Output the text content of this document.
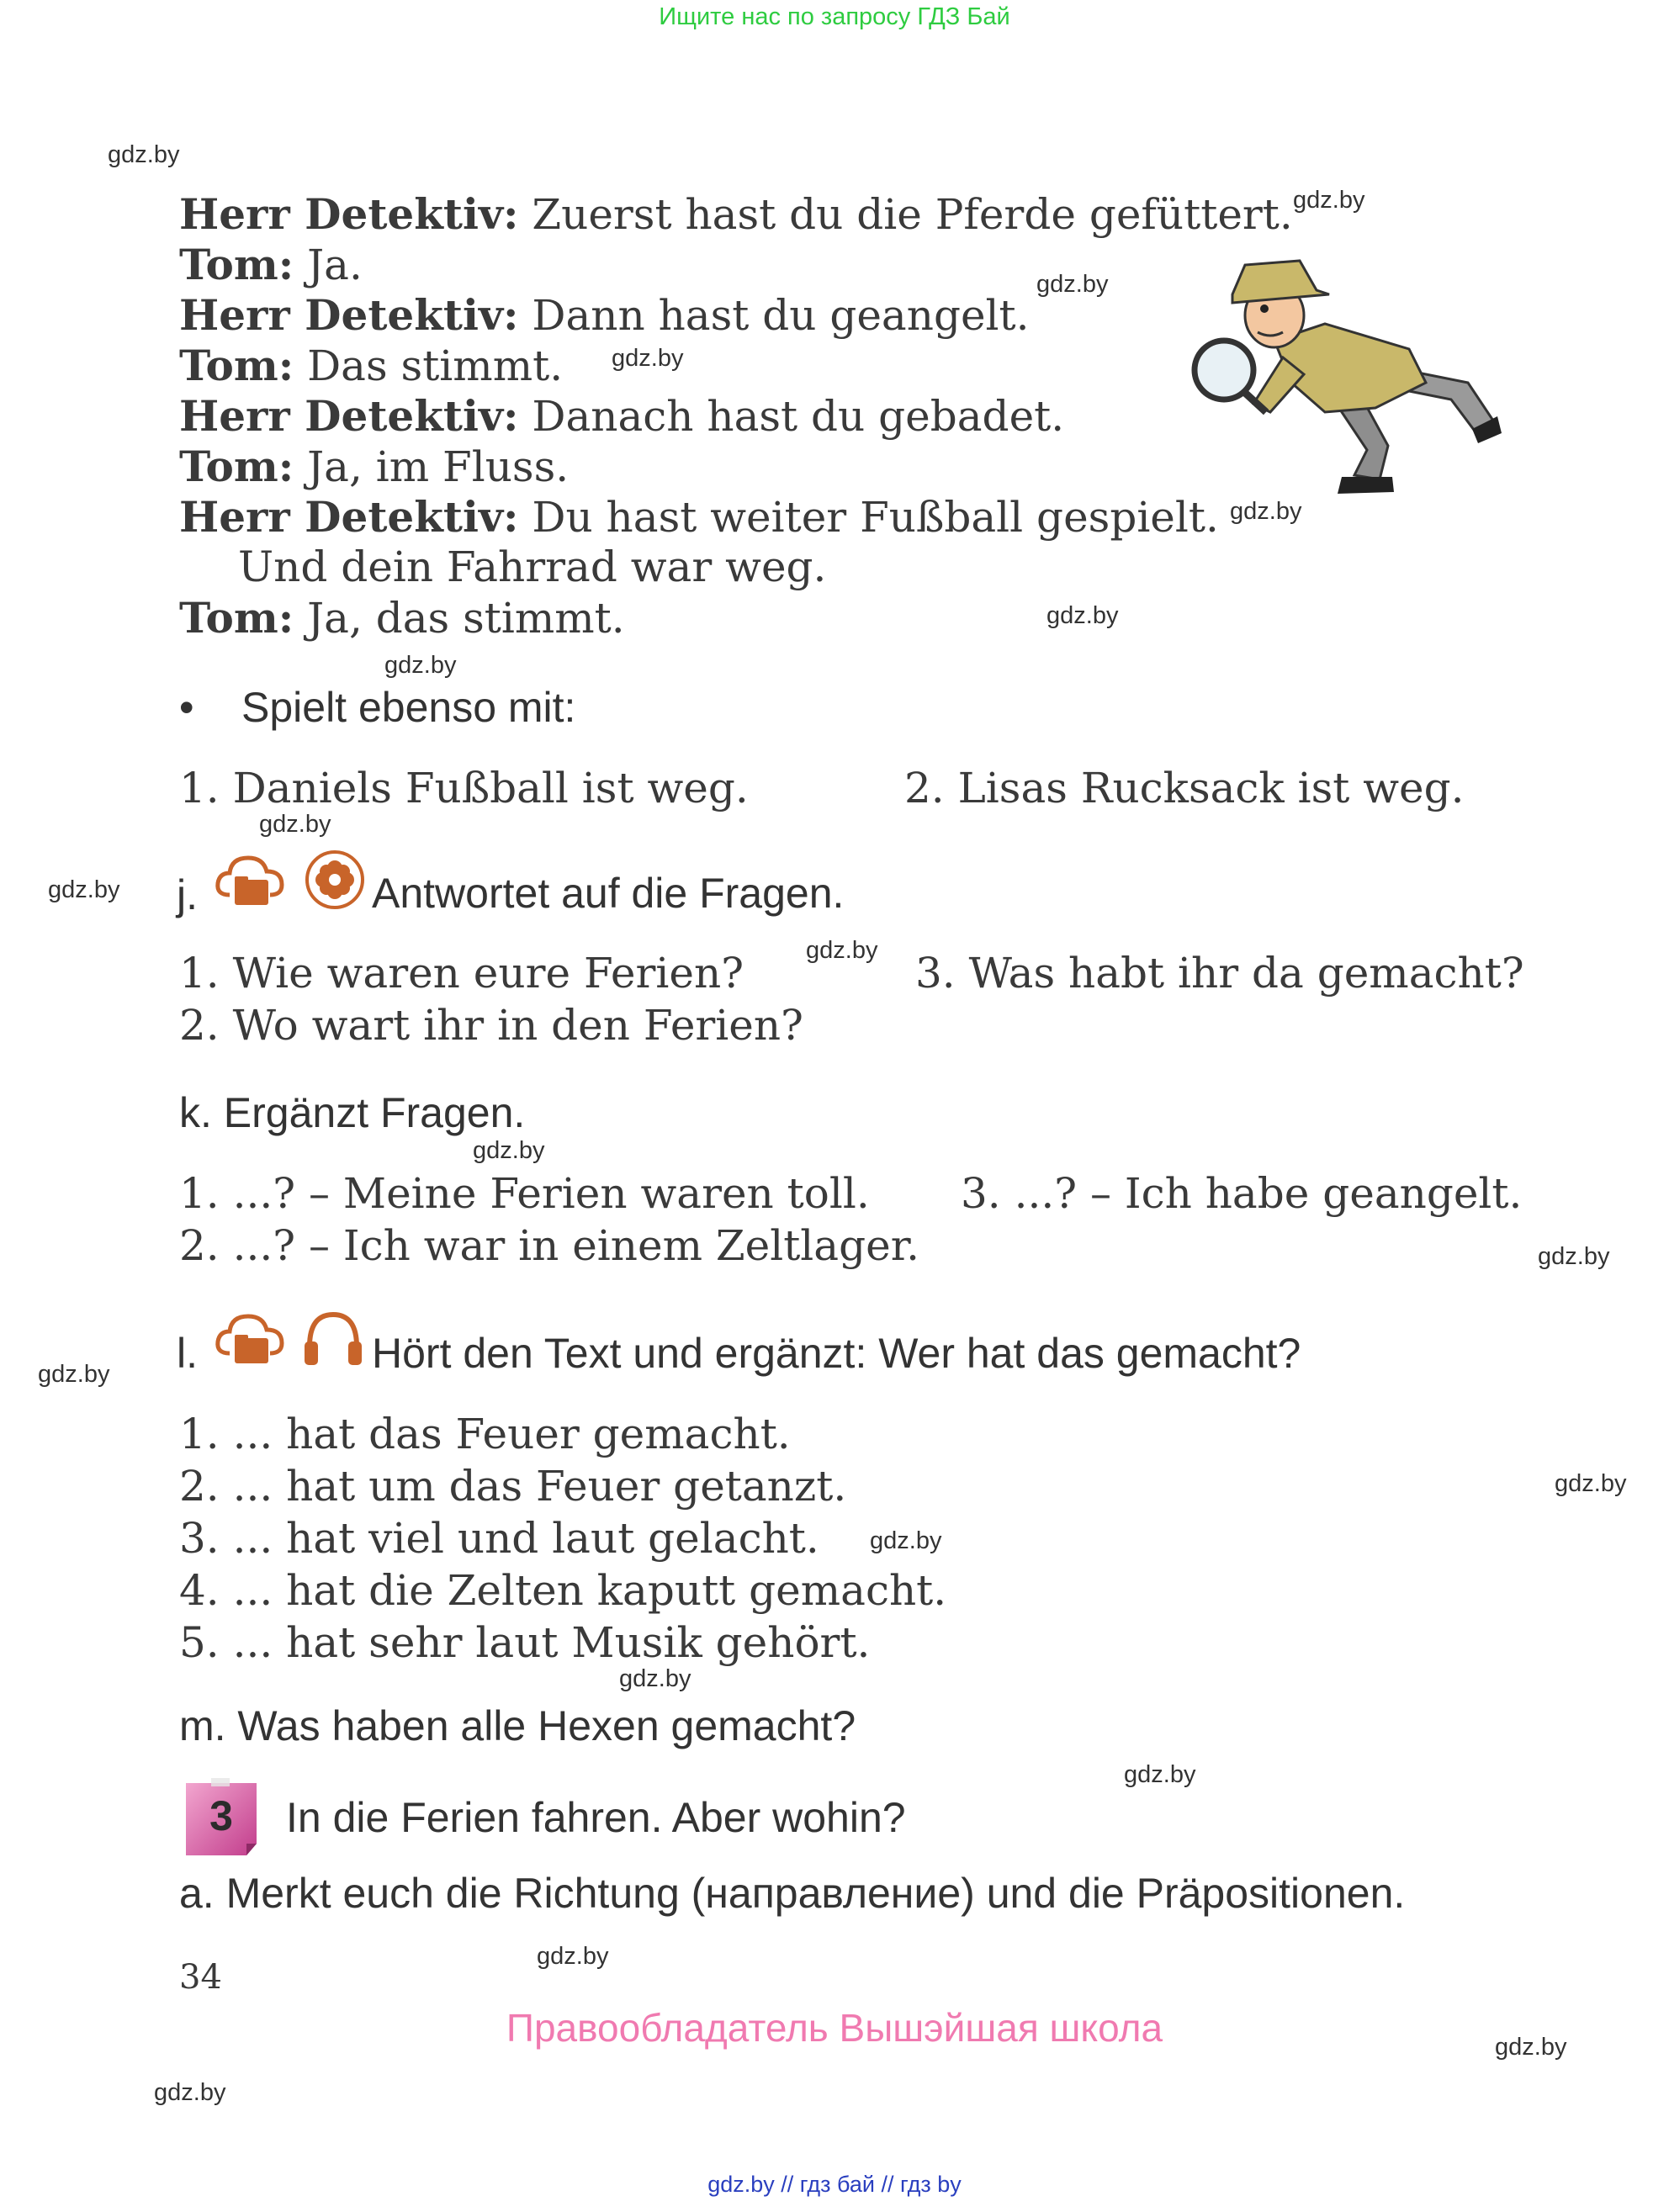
Ищите нас по запросу ГДЗ Бай
gdz.by
gdz.by
gdz.by
gdz.by
gdz.by
gdz.by
gdz.by
gdz.by
gdz.by
gdz.by
gdz.by
gdz.by
gdz.by
gdz.by
gdz.by
gdz.by
gdz.by
gdz.by
gdz.by
gdz.by
Herr Detektiv: Zuerst hast du die Pferde gefüttert.
Tom: Ja.
Herr Detektiv: Dann hast du geangelt.
Tom: Das stimmt.
Herr Detektiv: Danach hast du gebadet.
Tom: Ja, im Fluss.
Herr Detektiv: Du hast weiter Fußball gespielt.
Und dein Fahrrad war weg.
Tom: Ja, das stimmt.
• Spielt ebenso mit:
1. Daniels Fußball ist weg.	2. Lisas Rucksack ist weg.
j.	Antwortet auf die Fragen.
1. Wie waren eure Ferien?
2. Wo wart ihr in den Ferien?
3. Was habt ihr da gemacht?
k. Ergänzt Fragen.
1. ...? – Meine Ferien waren toll.
2. ...? – Ich war in einem Zeltlager.
3. ...? – Ich habe geangelt.
l.	Hört den Text und ergänzt: Wer hat das gemacht?
1. ... hat das Feuer gemacht.
2. ... hat um das Feuer getanzt.
3. ... hat viel und laut gelacht.
4. ... hat die Zelten kaputt gemacht.
5. ... hat sehr laut Musik gehört.
m. Was haben alle Hexen gemacht?
3	In die Ferien fahren. Aber wohin?
a. Merkt euch die Richtung (направление) und die Präpositionen.
34
Правообладатель Вышэйшая школа
gdz.by // гдз бай // гдз by
